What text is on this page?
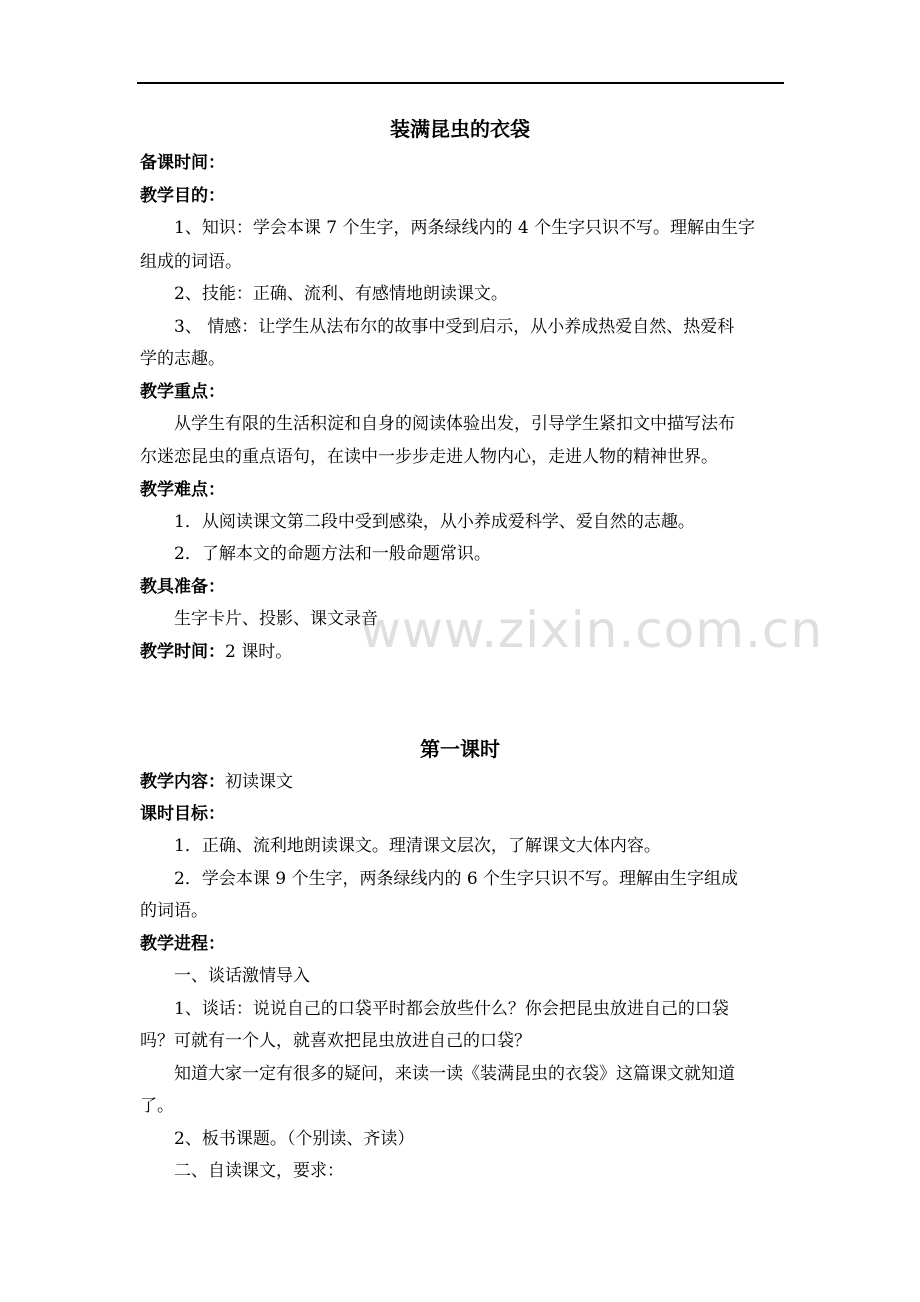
装满昆虫的衣袋
备课时间：
教学目的：
1、知识：学会本课 7 个生字，两条绿线内的 4 个生字只识不写。理解由生字
组成的词语。
2、技能：正确、流利、有感情地朗读课文。
3、 情感：让学生从法布尔的故事中受到启示，从小养成热爱自然、热爱科
学的志趣。
教学重点：
从学生有限的生活积淀和自身的阅读体验出发，引导学生紧扣文中描写法布
尔迷恋昆虫的重点语句，在读中一步步走进人物内心，走进人物的精神世界。
教学难点：
1．从阅读课文第二段中受到感染，从小养成爱科学、爱自然的志趣。
2．了解本文的命题方法和一般命题常识。
教具准备：
生字卡片、投影、课文录音
教学时间：2 课时。
第一课时
教学内容：初读课文
课时目标：
1．正确、流利地朗读课文。理清课文层次，了解课文大体内容。
2．学会本课 9 个生字，两条绿线内的 6 个生字只识不写。理解由生字组成
的词语。
教学进程：
一、谈话激情导入
1、谈话：说说自己的口袋平时都会放些什么？你会把昆虫放进自己的口袋
吗？可就有一个人，就喜欢把昆虫放进自己的口袋？
知道大家一定有很多的疑问，来读一读《装满昆虫的衣袋》这篇课文就知道
了。
2、板书课题。（个别读、齐读）
二、自读课文，要求：
www.zixin.com.cn
